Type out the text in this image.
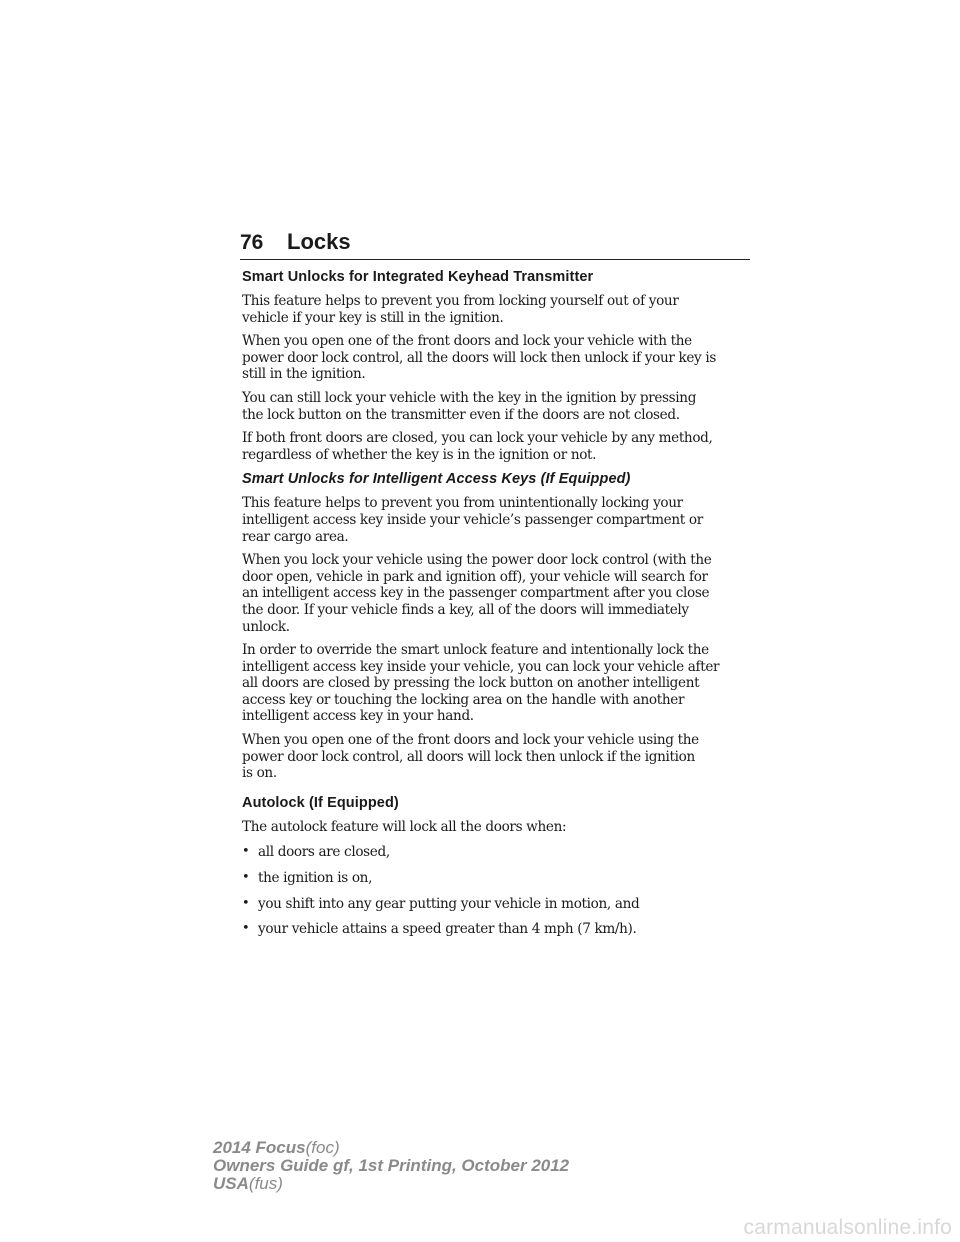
76 Locks
Smart Unlocks for Integrated Keyhead Transmitter
This feature helps to prevent you from locking yourself out of your
vehicle if your key is still in the ignition.
When you open one of the front doors and lock your vehicle with the
power door lock control, all the doors will lock then unlock if your key is
still in the ignition.
You can still lock your vehicle with the key in the ignition by pressing
the lock button on the transmitter even if the doors are not closed.
If both front doors are closed, you can lock your vehicle by any method,
regardless of whether the key is in the ignition or not.
Smart Unlocks for Intelligent Access Keys (If Equipped)
This feature helps to prevent you from unintentionally locking your
intelligent access key inside your vehicle’s passenger compartment or
rear cargo area.
When you lock your vehicle using the power door lock control (with the
door open, vehicle in park and ignition off), your vehicle will search for
an intelligent access key in the passenger compartment after you close
the door. If your vehicle finds a key, all of the doors will immediately
unlock.
In order to override the smart unlock feature and intentionally lock the
intelligent access key inside your vehicle, you can lock your vehicle after
all doors are closed by pressing the lock button on another intelligent
access key or touching the locking area on the handle with another
intelligent access key in your hand.
When you open one of the front doors and lock your vehicle using the
power door lock control, all doors will lock then unlock if the ignition
is on.
Autolock (If Equipped)
The autolock feature will lock all the doors when:
• all doors are closed,
• the ignition is on,
• you shift into any gear putting your vehicle in motion, and
• your vehicle attains a speed greater than 4 mph (7 km/h).
2014 Focus(foc)
Owners Guide gf, 1st Printing, October 2012
USA(fus)
carmanualsonline.info
